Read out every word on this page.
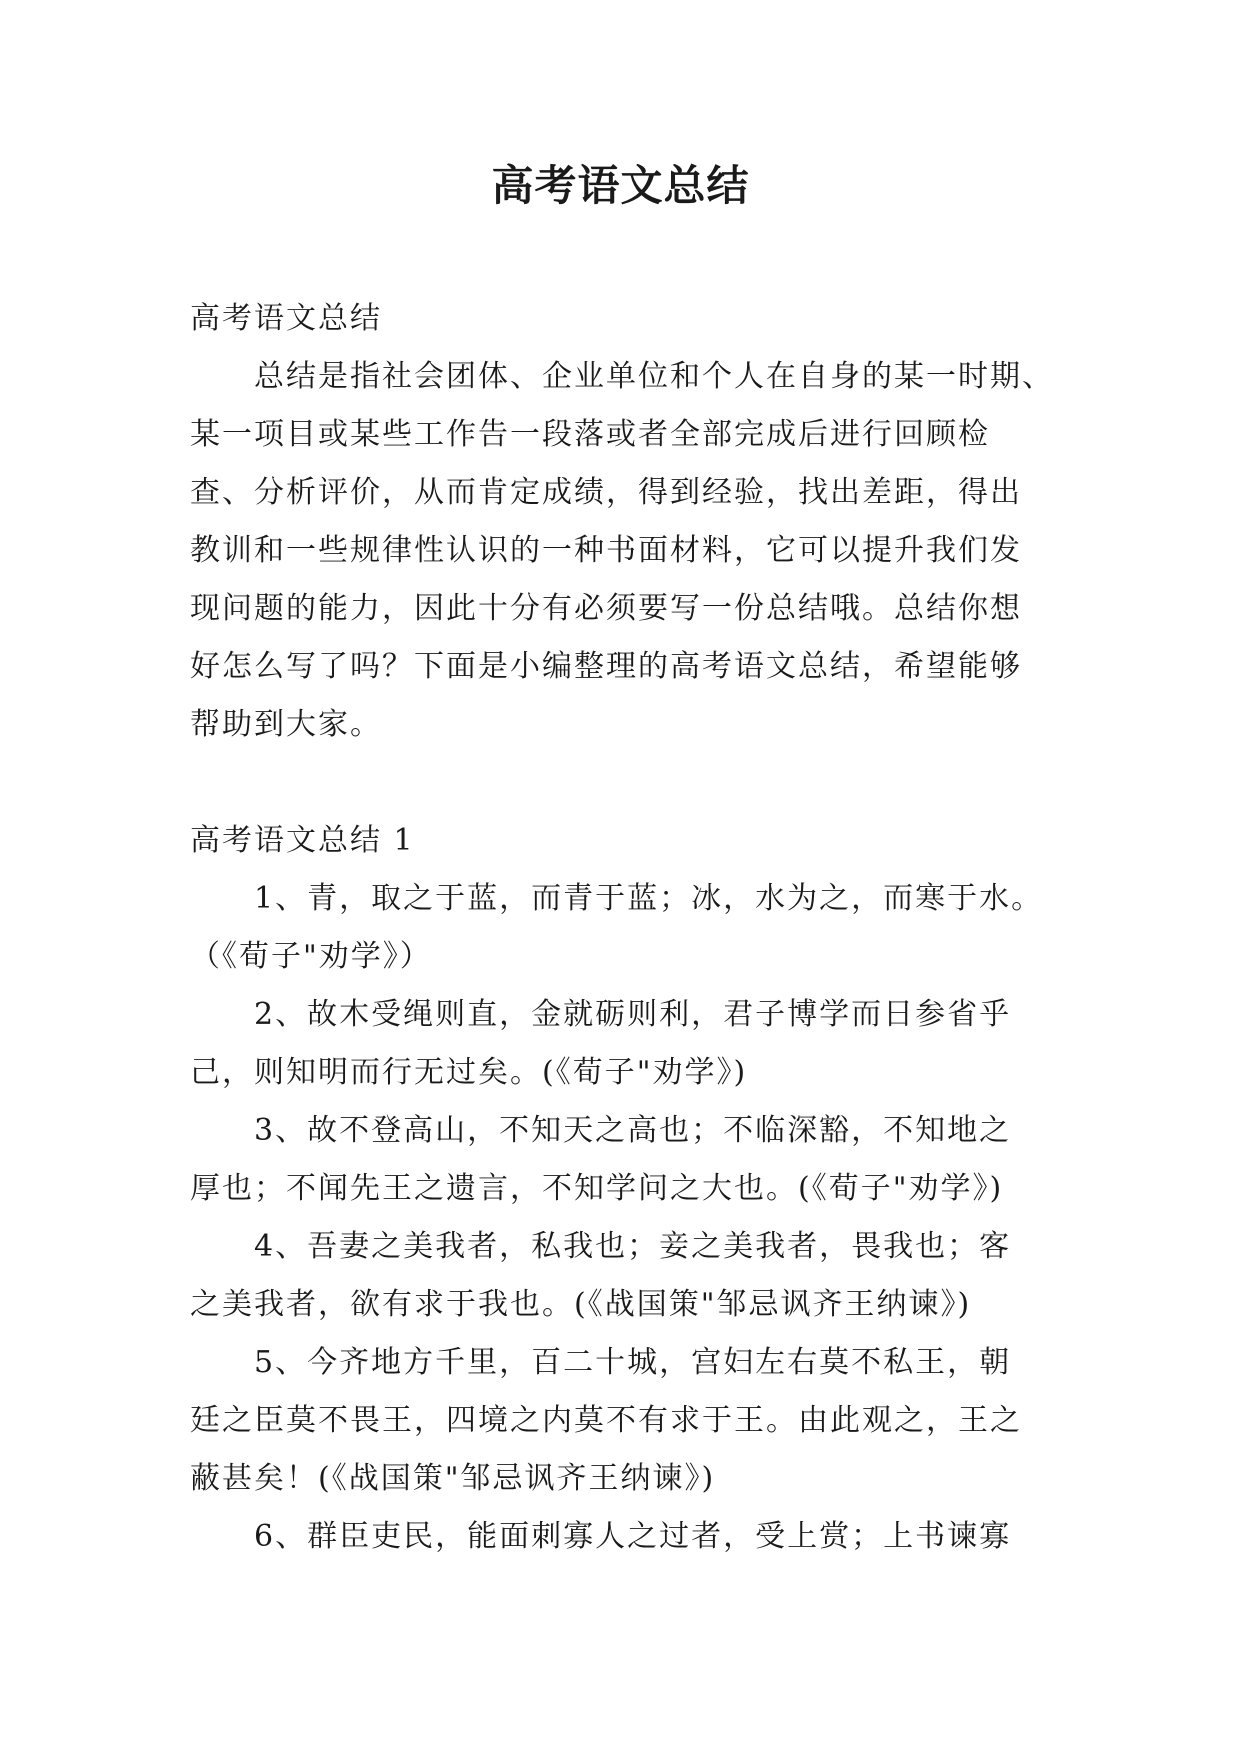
高考语文总结
高考语文总结
总结是指社会团体、企业单位和个人在自身的某一时期、
某一项目或某些工作告一段落或者全部完成后进行回顾检
查、分析评价，从而肯定成绩，得到经验，找出差距，得出
教训和一些规律性认识的一种书面材料，它可以提升我们发
现问题的能力，因此十分有必须要写一份总结哦。总结你想
好怎么写了吗？下面是小编整理的高考语文总结，希望能够
帮助到大家。
高考语文总结 1
1、青，取之于蓝，而青于蓝；冰，水为之，而寒于水。
（《荀子"劝学》）
2、故木受绳则直，金就砺则利，君子博学而日参省乎
己，则知明而行无过矣。(《荀子"劝学》)
3、故不登高山，不知天之高也；不临深豁，不知地之
厚也；不闻先王之遗言，不知学问之大也。(《荀子"劝学》)
4、吾妻之美我者，私我也；妾之美我者，畏我也；客
之美我者，欲有求于我也。(《战国策"邹忌讽齐王纳谏》)
5、今齐地方千里，百二十城，宫妇左右莫不私王，朝
廷之臣莫不畏王，四境之内莫不有求于王。由此观之，王之
蔽甚矣！(《战国策"邹忌讽齐王纳谏》)
6、群臣吏民，能面刺寡人之过者，受上赏；上书谏寡
